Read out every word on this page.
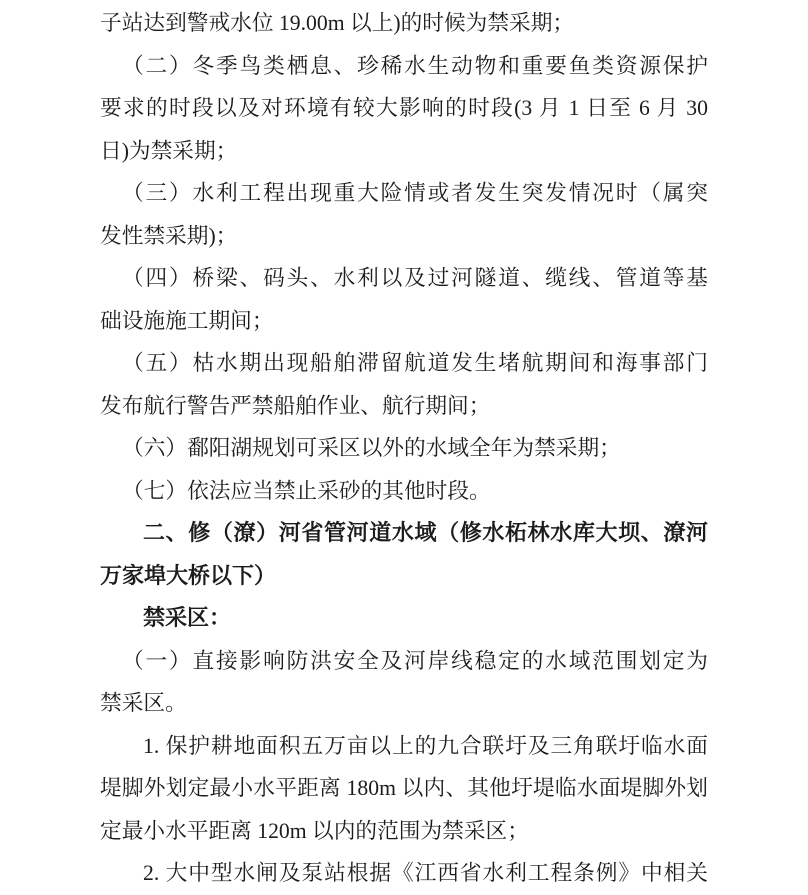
子站达到警戒水位 19.00m 以上)的时候为禁采期；
（二）冬季鸟类栖息、珍稀水生动物和重要鱼类资源保护
要求的时段以及对环境有较大影响的时段(3 月 1 日至 6 月 30
日)为禁采期；
（三）水利工程出现重大险情或者发生突发情况时（属突
发性禁采期)；
（四）桥梁、码头、水利以及过河隧道、缆线、管道等基
础设施施工期间；
（五）枯水期出现船舶滞留航道发生堵航期间和海事部门
发布航行警告严禁船舶作业、航行期间；
（六）鄱阳湖规划可采区以外的水域全年为禁采期；
（七）依法应当禁止采砂的其他时段。
二、修（潦）河省管河道水域（修水柘林水库大坝、潦河
万家埠大桥以下）
禁采区：
（一）直接影响防洪安全及河岸线稳定的水域范围划定为
禁采区。
1. 保护耕地面积五万亩以上的九合联圩及三角联圩临水面
堤脚外划定最小水平距离 180m 以内、其他圩堤临水面堤脚外划
定最小水平距离 120m 以内的范围为禁采区；
2. 大中型水闸及泵站根据《江西省水利工程条例》中相关
